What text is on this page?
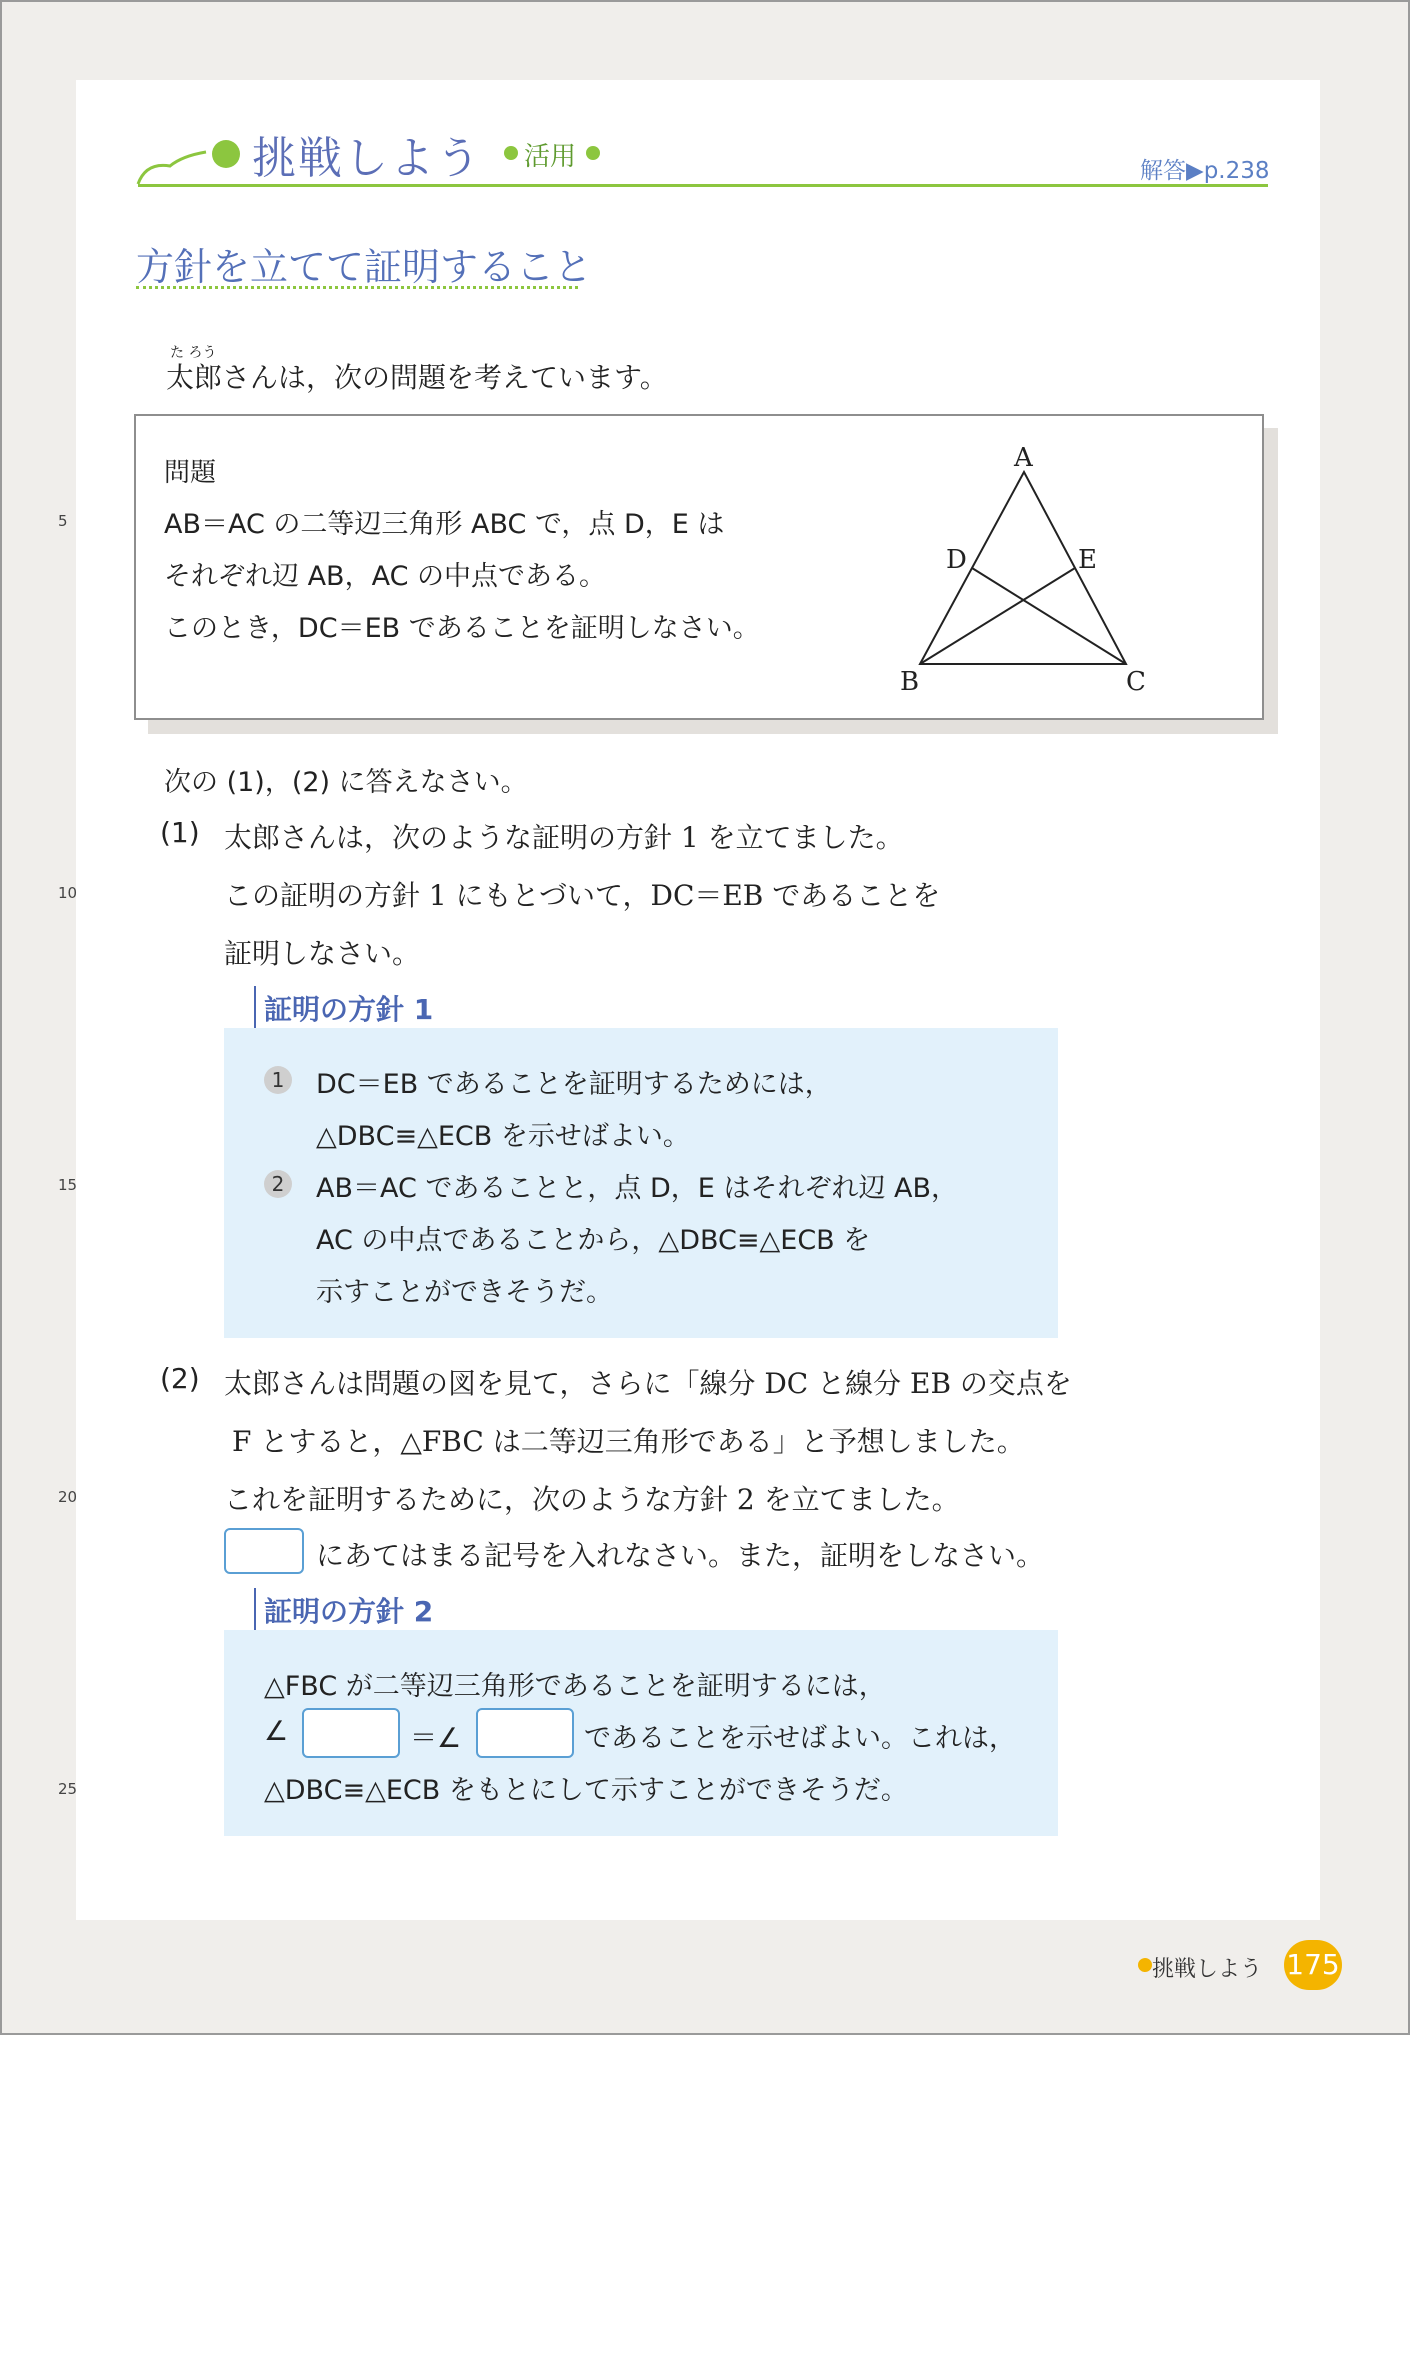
挑戦しよう 活用	解答▶p.238
方針を立てて証明すること
た ろう
太郎さんは，次の問題を考えています。
問題
AB＝AC の二等辺三角形 ABC で，点 D，E は
それぞれ辺 AB，AC の中点である。
このとき，DC＝EB であることを証明しなさい。
A
D	E
B	C
5
10
15
20
25
次の (1)，(2) に答えなさい。
(1) 太郎さんは，次のような証明の方針 1 を立てました。
この証明の方針 1 にもとづいて，DC＝EB であることを
証明しなさい。
証明の方針 1
1 DC＝EB であることを証明するためには，
△DBC≡△ECB を示せばよい。
2 AB＝AC であることと，点 D，E はそれぞれ辺 AB，
AC の中点であることから，△DBC≡△ECB を
示すことができそうだ。
(2) 太郎さんは問題の図を見て，さらに「線分 DC と線分 EB の交点を
F とすると，△FBC は二等辺三角形である」と予想しました。
これを証明するために，次のような方針 2 を立てました。
にあてはまる記号を入れなさい。また，証明をしなさい。
証明の方針 2
△FBC が二等辺三角形であることを証明するには，
∠	＝∠	であることを示せばよい。これは，
△DBC≡△ECB をもとにして示すことができそうだ。
挑戦しよう 175
